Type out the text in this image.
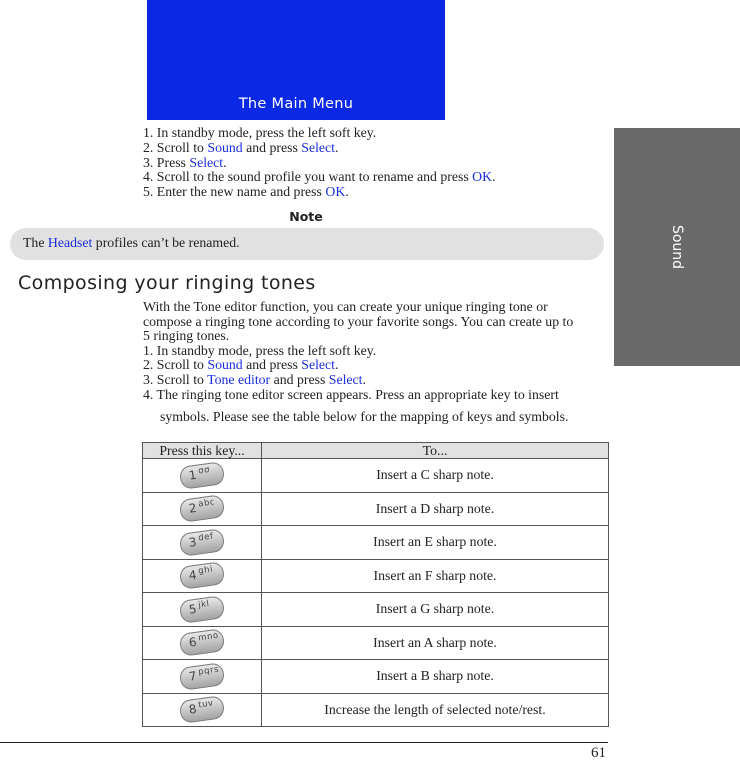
The Main Menu
Sound
1. In standby mode, press the left soft key.
2. Scroll to Sound and press Select.
3. Press Select.
4. Scroll to the sound profile you want to rename and press OK.
5. Enter the new name and press OK.
Note
The Headset profiles can’t be renamed.
Composing your ringing tones
With the Tone editor function, you can create your unique ringing tone or
compose a ringing tone according to your favorite songs. You can create up to
5 ringing tones.
1. In standby mode, press the left soft key.
2. Scroll to Sound and press Select.
3. Scroll to Tone editor and press Select.
4. The ringing tone editor screen appears. Press an appropriate key to insert
symbols. Please see the table below for the mapping of keys and symbols.
Press this key...	To...

1 σσ	Insert a C sharp note.

2 abc	Insert a D sharp note.

3 def	Insert an E sharp note.

4 ghi	Insert an F sharp note.

5 jkl	Insert a G sharp note.

6 mno	Insert an A sharp note.

7 pqrs	Insert a B sharp note.

8 tuv	Increase the length of selected note/rest.
61
